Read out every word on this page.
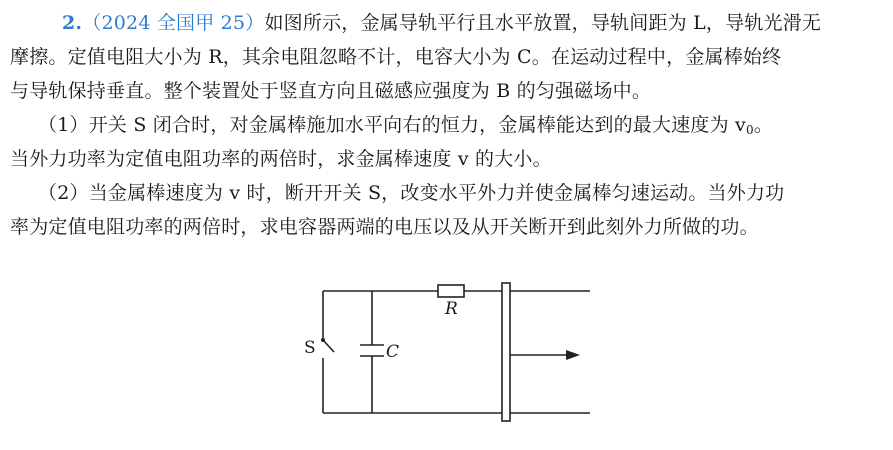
2.（2024 全国甲 25）如图所示，金属导轨平行且水平放置，导轨间距为 L，导轨光滑无
摩擦。定值电阻大小为 R，其余电阻忽略不计，电容大小为 C。在运动过程中，金属棒始终
与导轨保持垂直。整个装置处于竖直方向且磁感应强度为 B 的匀强磁场中。
（1）开关 S 闭合时，对金属棒施加水平向右的恒力，金属棒能达到的最大速度为 $v_0$。
当外力功率为定值电阻功率的两倍时，求金属棒速度 v 的大小。
（2）当金属棒速度为 v 时，断开开关 S，改变水平外力并使金属棒匀速运动。当外力功
率为定值电阻功率的两倍时，求电容器两端的电压以及从开关断开到此刻外力所做的功。
S	C
R
